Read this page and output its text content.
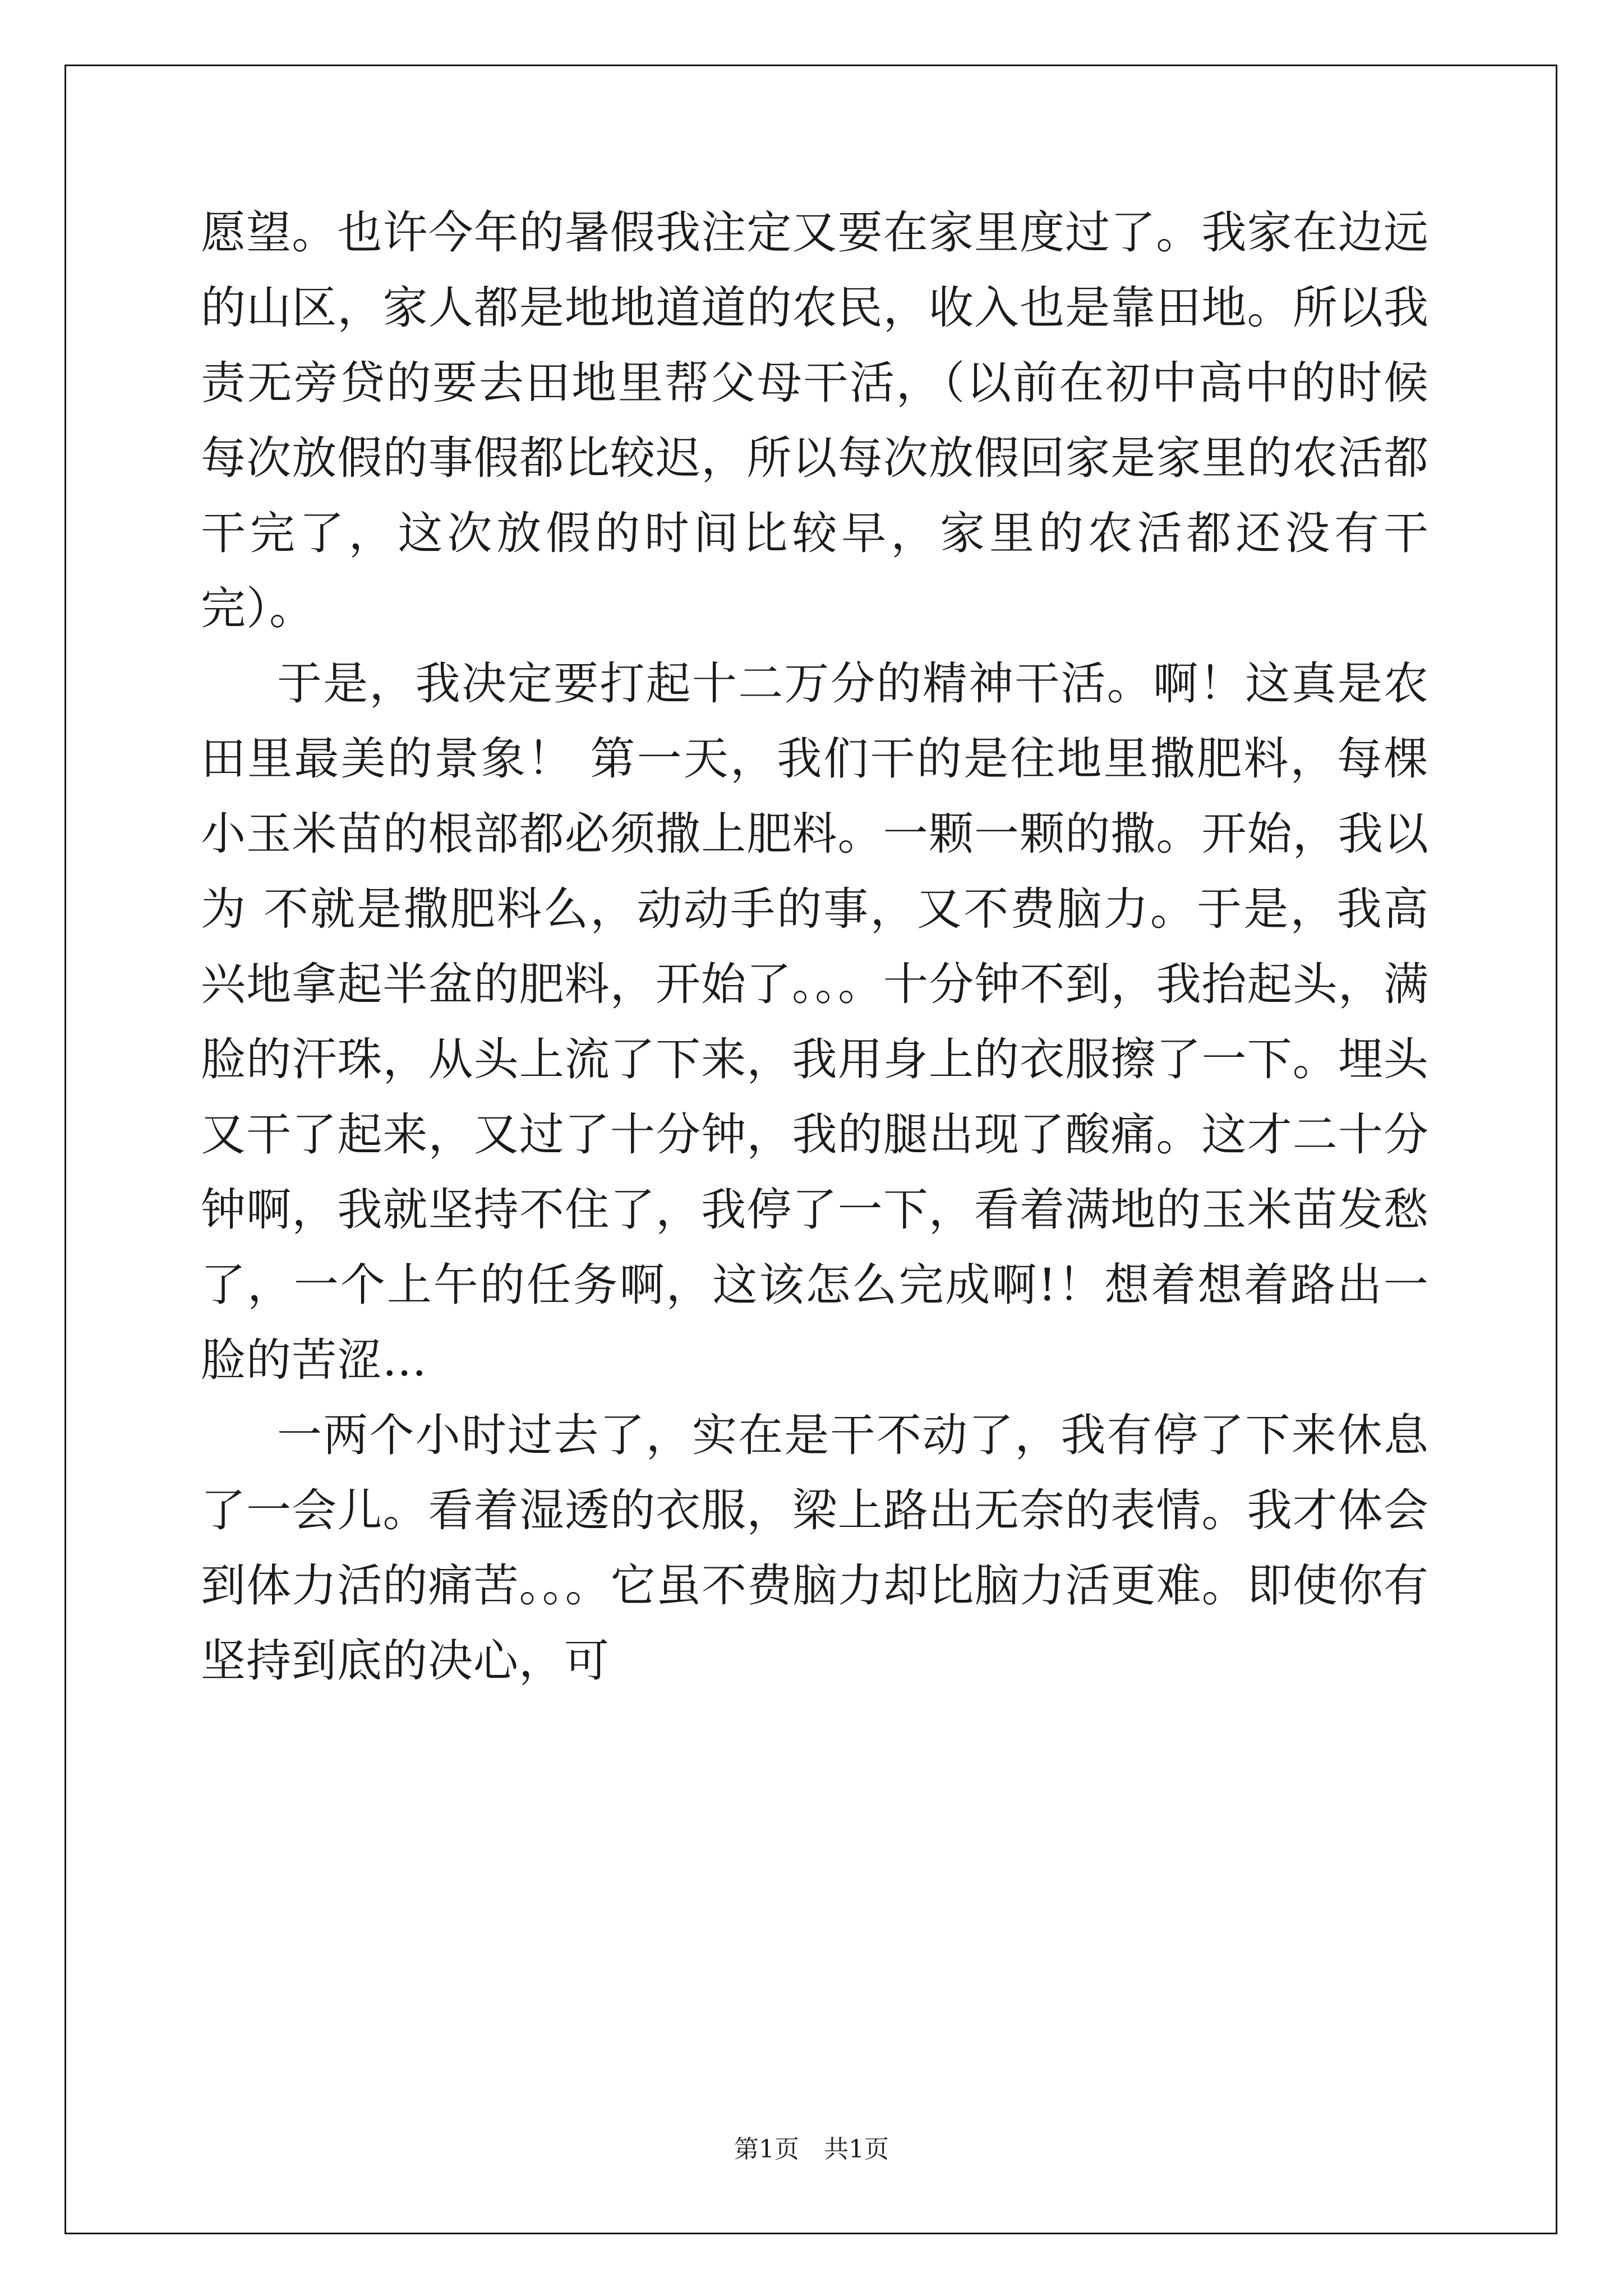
愿望。也许今年的暑假我注定又要在家里度过了。我家在边远的山区，家人都是地地道道的农民，收入也是靠田地。所以我责无旁贷的要去田地里帮父母干活，（以前在初中高中的时候每次放假的事假都比较迟，所以每次放假回家是家里的农活都干完了，这次放假的时间比较早，家里的农活都还没有干完）。

于是，我决定要打起十二万分的精神干活。啊！这真是农田里最美的景象！ 第一天，我们干的是往地里撒肥料，每棵小玉米苗的根部都必须撒上肥料。一颗一颗的撒。开始，我以为 不就是撒肥料么，动动手的事，又不费脑力。于是，我高兴地拿起半盆的肥料，开始了。。。十分钟不到，我抬起头，满脸的汗珠，从头上流了下来，我用身上的衣服擦了一下。埋头又干了起来，又过了十分钟，我的腿出现了酸痛。这才二十分钟啊，我就坚持不住了，我停了一下，看着满地的玉米苗发愁了，一个上午的任务啊，这该怎么完成啊!！想着想着路出一脸的苦涩...

一两个小时过去了，实在是干不动了，我有停了下来休息了一会儿。看着湿透的衣服，梁上路出无奈的表情。我才体会到体力活的痛苦。。。它虽不费脑力却比脑力活更难。即使你有坚持到底的决心，可

第1页　共1页
